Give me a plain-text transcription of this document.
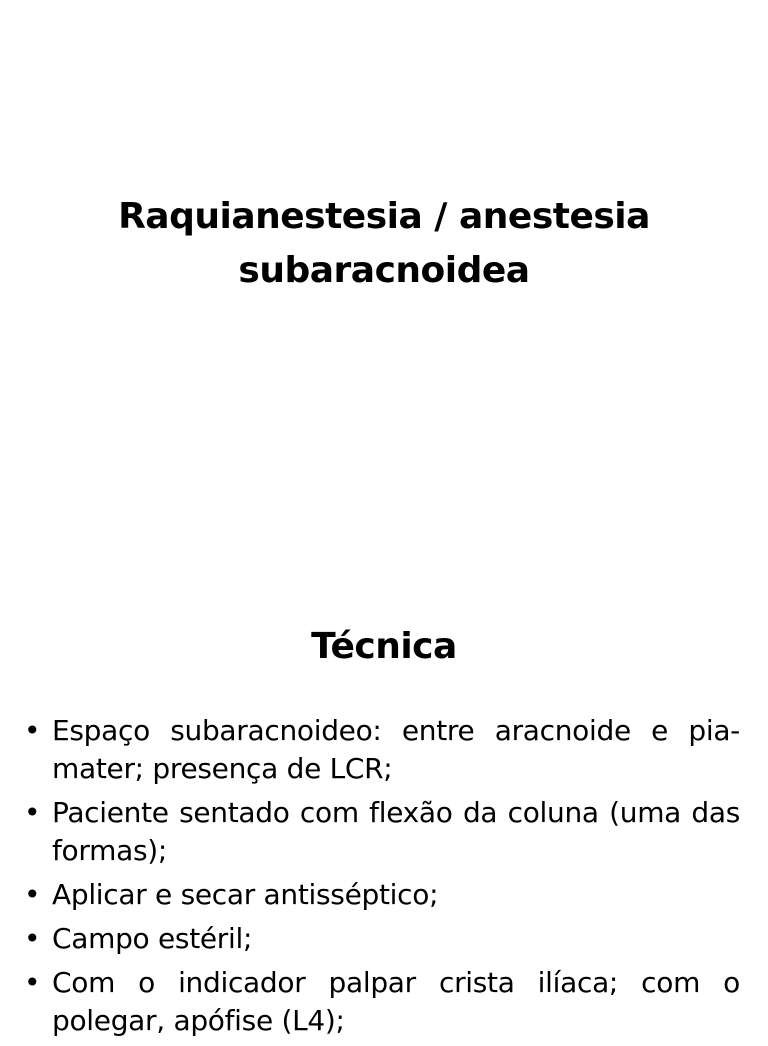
Raquianestesia / anestesia
subaracnoidea
Técnica
• Espaço subaracnoideo: entre aracnoide e pia-mater; presença de LCR;
• Paciente sentado com flexão da coluna (uma das formas);
• Aplicar e secar antisséptico;
• Campo estéril;
• Com o indicador palpar crista ilíaca; com o polegar, apófise (L4);
